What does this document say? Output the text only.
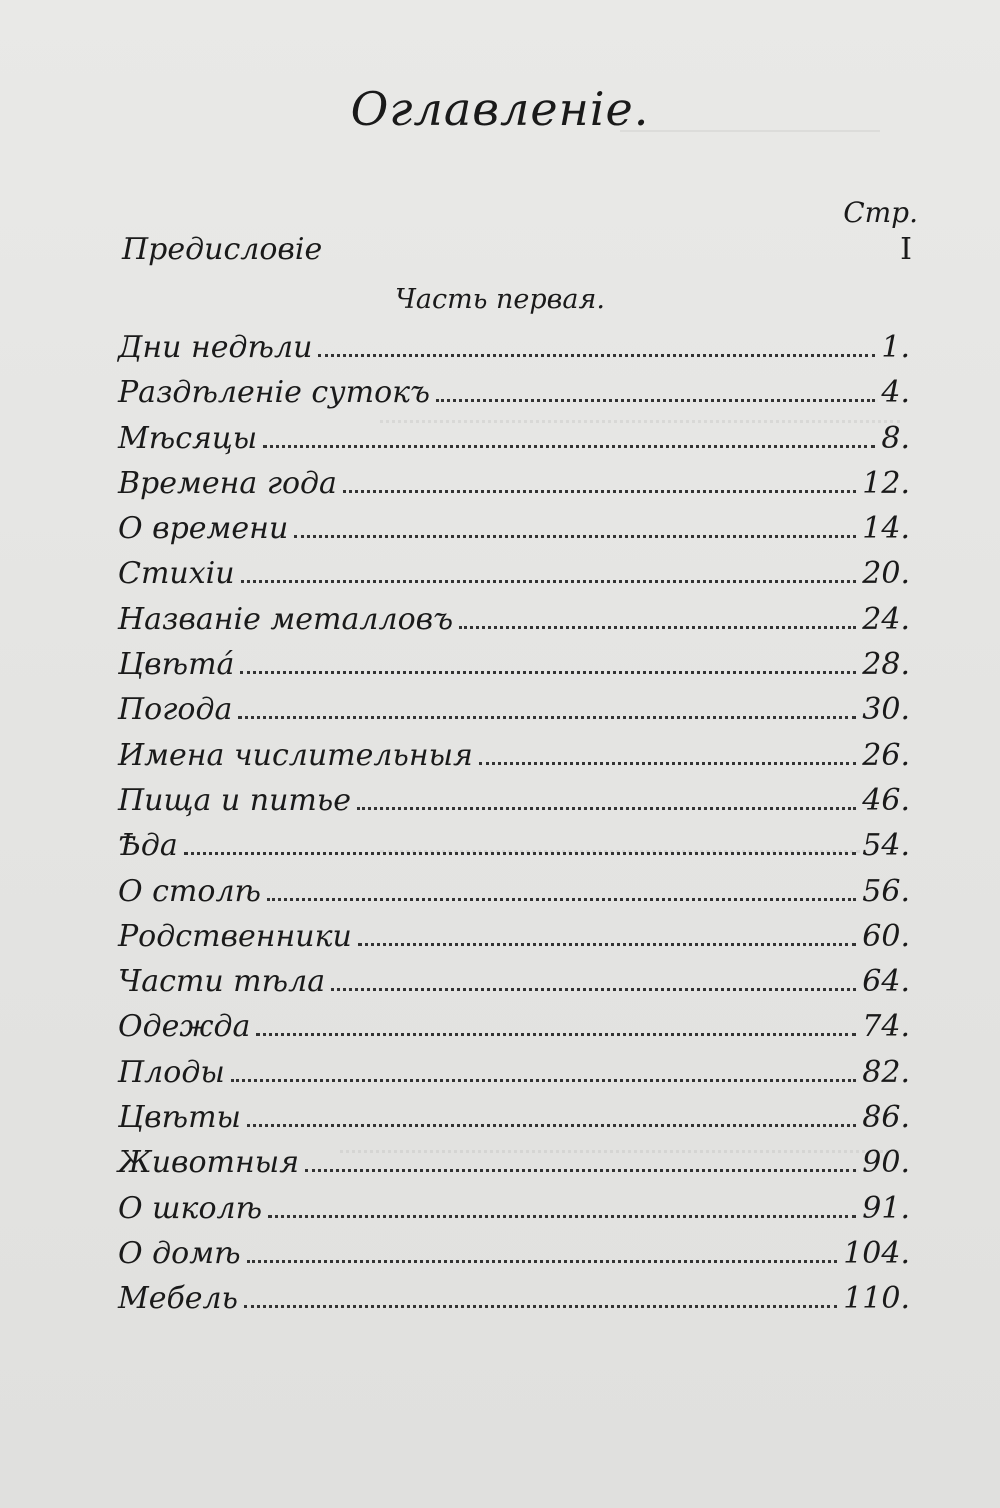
Оглавленіе.
Стр.
Предисловіе	I
Часть первая.
Дни недѣли	1.
Раздѣленіе сутокъ	4.
Мѣсяцы	8.
Времена года	12.
О времени	14.
Стихіи	20.
Названіе металловъ	24.
Цвѣта́	28.
Погода	30.
Имена числительныя	26.
Пища и питье	46.
Ѣда	54.
О столѣ	56.
Родственники	60.
Части тѣла	64.
Одежда	74.
Плоды	82.
Цвѣты	86.
Животныя	90.
О школѣ	91.
О домѣ	104.
Мебель	110.
